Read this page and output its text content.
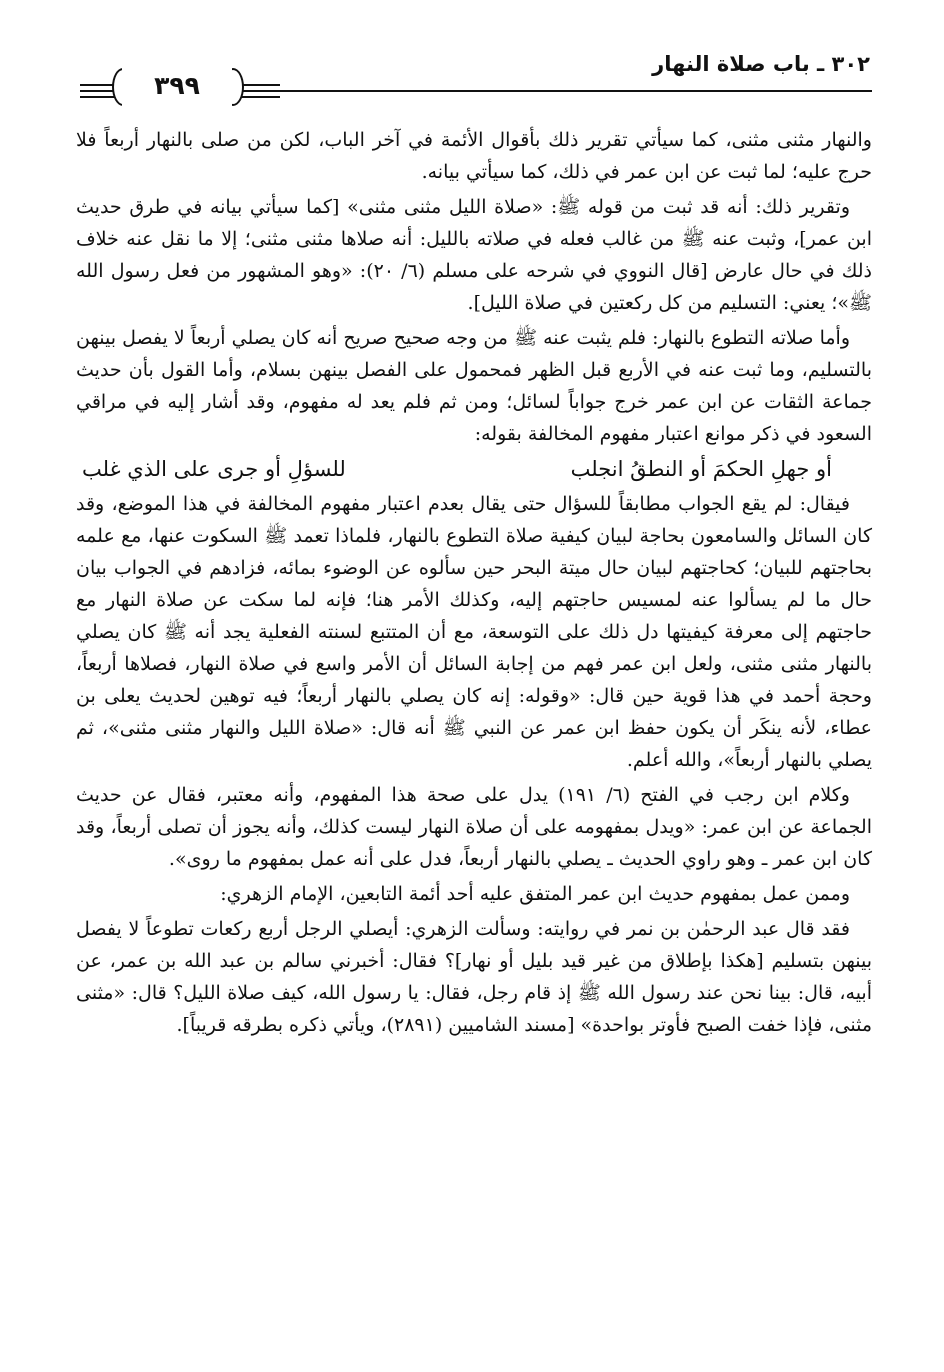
٣٠٢ ـ باب صلاة النهار
٣٩٩

والنهار مثنى مثنى، كما سيأتي تقرير ذلك بأقوال الأئمة في آخر الباب، لكن من صلى بالنهار أربعاً فلا حرج عليه؛ لما ثبت عن ابن عمر في ذلك، كما سيأتي بيانه.

وتقرير ذلك: أنه قد ثبت من قوله ﷺ: «صلاة الليل مثنى مثنى» [كما سيأتي بيانه في طرق حديث ابن عمر]، وثبت عنه ﷺ من غالب فعله في صلاته بالليل: أنه صلاها مثنى مثنى؛ إلا ما نقل عنه خلاف ذلك في حال عارض [قال النووي في شرحه على مسلم (٦/ ٢٠): «وهو المشهور من فعل رسول الله ﷺ»؛ يعني: التسليم من كل ركعتين في صلاة الليل].

وأما صلاته التطوع بالنهار: فلم يثبت عنه ﷺ من وجه صحيح صريح أنه كان يصلي أربعاً لا يفصل بينهن بالتسليم، وما ثبت عنه في الأربع قبل الظهر فمحمول على الفصل بينهن بسلام، وأما القول بأن حديث جماعة الثقات عن ابن عمر خرج جواباً لسائل؛ ومن ثم فلم يعد له مفهوم، وقد أشار إليه في مراقي السعود في ذكر موانع اعتبار مفهوم المخالفة بقوله:

أو جهلِ الحكمَ أو النطقُ انجلب
للسؤلِ أو جرى على الذي غلب

فيقال: لم يقع الجواب مطابقاً للسؤال حتى يقال بعدم اعتبار مفهوم المخالفة في هذا الموضع، وقد كان السائل والسامعون بحاجة لبيان كيفية صلاة التطوع بالنهار، فلماذا تعمد ﷺ السكوت عنها، مع علمه بحاجتهم للبيان؛ كحاجتهم لبيان حال ميتة البحر حين سألوه عن الوضوء بمائه، فزادهم في الجواب بيان حال ما لم يسألوا عنه لمسيس حاجتهم إليه، وكذلك الأمر هنا؛ فإنه لما سكت عن صلاة النهار مع حاجتهم إلى معرفة كيفيتها دل ذلك على التوسعة، مع أن المتتبع لسنته الفعلية يجد أنه ﷺ كان يصلي بالنهار مثنى مثنى، ولعل ابن عمر فهم من إجابة السائل أن الأمر واسع في صلاة النهار، فصلاها أربعاً، وحجة أحمد في هذا قوية حين قال: «وقوله: إنه كان يصلي بالنهار أربعاً؛ فيه توهين لحديث يعلى بن عطاء، لأنه ينكَر أن يكون حفظ ابن عمر عن النبي ﷺ أنه قال: «صلاة الليل والنهار مثنى مثنى»، ثم يصلي بالنهار أربعاً»، والله أعلم.

وكلام ابن رجب في الفتح (٦/ ١٩١) يدل على صحة هذا المفهوم، وأنه معتبر، فقال عن حديث الجماعة عن ابن عمر: «ويدل بمفهومه على أن صلاة النهار ليست كذلك، وأنه يجوز أن تصلى أربعاً، وقد كان ابن عمر ـ وهو راوي الحديث ـ يصلي بالنهار أربعاً، فدل على أنه عمل بمفهوم ما روى».

وممن عمل بمفهوم حديث ابن عمر المتفق عليه أحد أئمة التابعين، الإمام الزهري:

فقد قال عبد الرحمٰن بن نمر في روايته: وسألت الزهري: أيصلي الرجل أربع ركعات تطوعاً لا يفصل بينهن بتسليم [هكذا بإطلاق من غير قيد بليل أو نهار]؟ فقال: أخبرني سالم بن عبد الله بن عمر، عن أبيه، قال: بينا نحن عند رسول الله ﷺ إذ قام رجل، فقال: يا رسول الله، كيف صلاة الليل؟ قال: «مثنى مثنى، فإذا خفت الصبح فأوتر بواحدة» [مسند الشاميين (٢٨٩١)، ويأتي ذكره بطرقه قريباً].
